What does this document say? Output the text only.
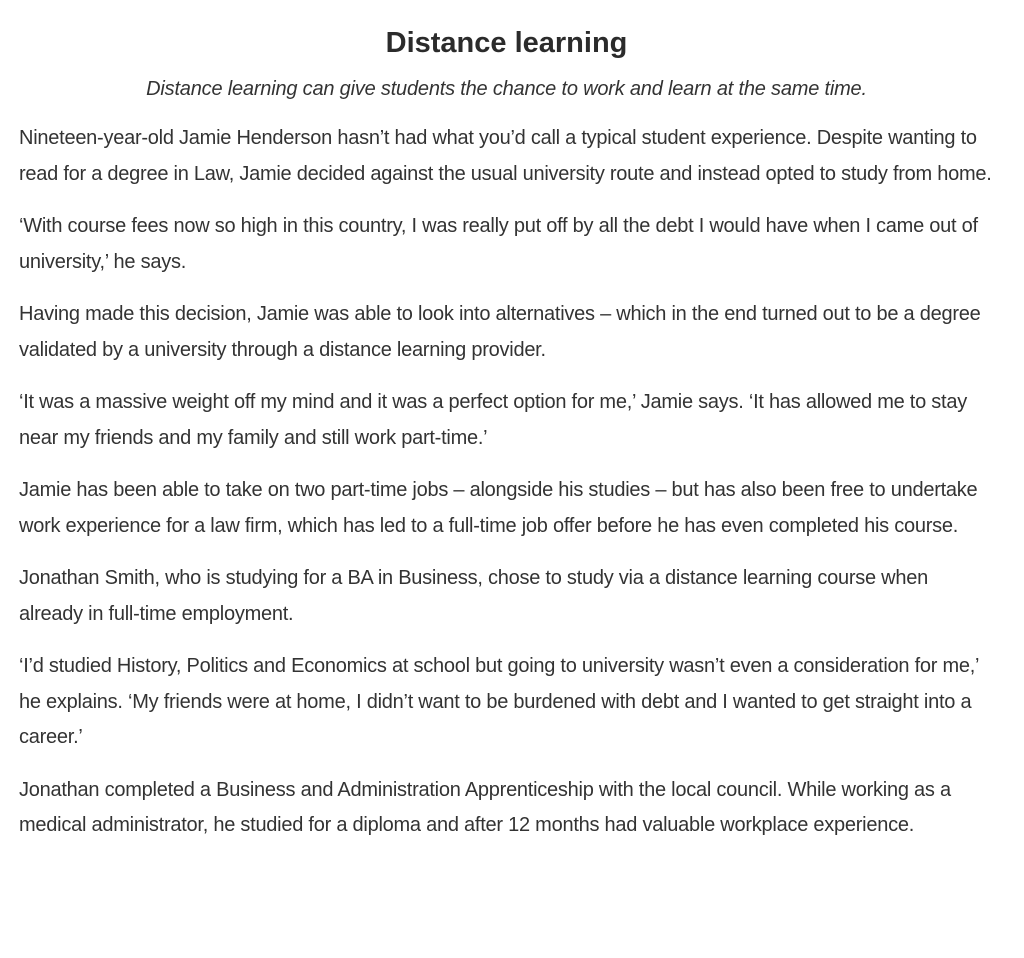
Distance learning

Distance learning can give students the chance to work and learn at the same time.

Nineteen-year-old Jamie Henderson hasn’t had what you’d call a typical student experience. Despite wanting to read for a degree in Law, Jamie decided against the usual university route and instead opted to study from home.

‘With course fees now so high in this country, I was really put off by all the debt I would have when I came out of university,’ he says.

Having made this decision, Jamie was able to look into alternatives – which in the end turned out to be a degree validated by a university through a distance learning provider.

‘It was a massive weight off my mind and it was a perfect option for me,’ Jamie says. ‘It has allowed me to stay near my friends and my family and still work part-time.’

Jamie has been able to take on two part-time jobs – alongside his studies – but has also been free to undertake work experience for a law firm, which has led to a full-time job offer before he has even completed his course.

Jonathan Smith, who is studying for a BA in Business, chose to study via a distance learning course when already in full-time employment.

‘I’d studied History, Politics and Economics at school but going to university wasn’t even a consideration for me,’ he explains. ‘My friends were at home, I didn’t want to be burdened with debt and I wanted to get straight into a career.’

Jonathan completed a Business and Administration Apprenticeship with the local council. While working as a medical administrator, he studied for a diploma and after 12 months had valuable workplace experience.
